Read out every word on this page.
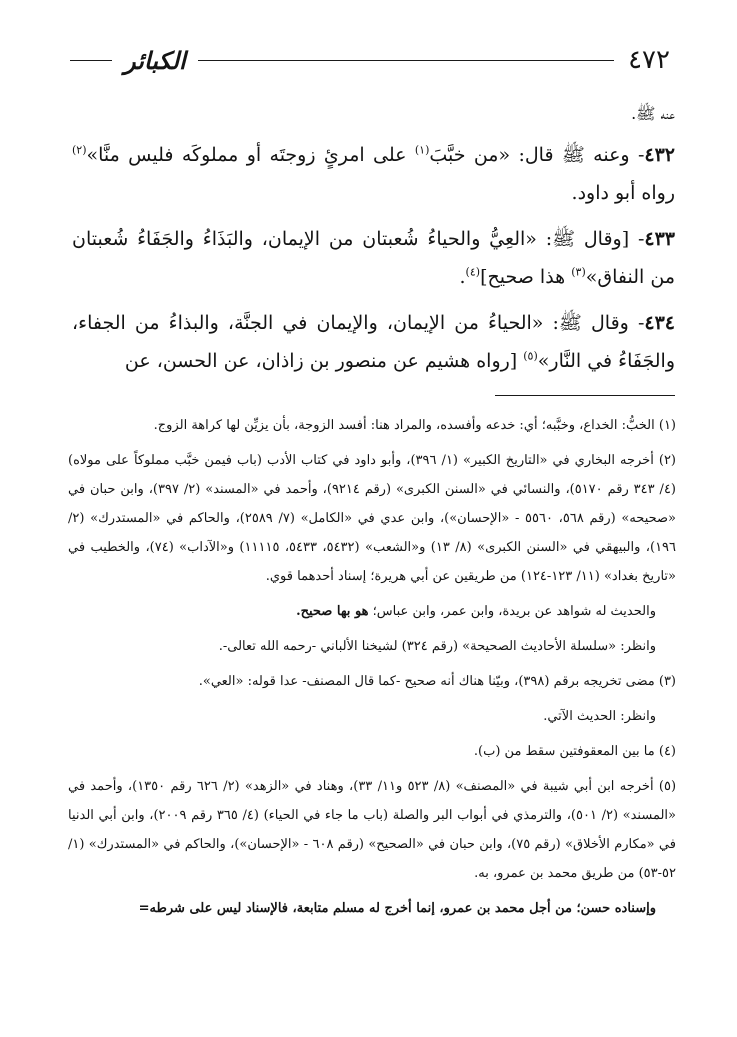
٤٧٢
الكبائر

عنه ﷺ.

٤٣٢- وعنه ﷺ قال: «من خبَّبَ$^{(١)}$ على امرئٍ زوجتَه أو مملوكَه فليس منَّا»$^{(٢)}$ رواه أبو داود.

٤٣٣- [وقال ﷺ: «العِيُّ والحياءُ شُعبتان من الإيمان، والبَذَاءُ والجَفَاءُ شُعبتان من النفاق»$^{(٣)}$ هذا صحيح]$^{(٤)}$.

٤٣٤- وقال ﷺ: «الحياءُ من الإيمان، والإيمان في الجنَّة، والبذاءُ من الجفاء، والجَفَاءُ في النَّار»$^{(٥)}$ [رواه هشيم عن منصور بن زاذان، عن الحسن، عن

(١) الخبُّ: الخداع، وخبَّبه؛ أي: خدعه وأفسده، والمراد هنا: أفسد الزوجة، بأن يزيِّن لها كراهة الزوج.

(٢) أخرجه البخاري في «التاريخ الكبير» (١/ ٣٩٦)، وأبو داود في كتاب الأدب (باب فيمن خبَّب مملوكاً على مولاه) (٤/ ٣٤٣ رقم ٥١٧٠)، والنسائي في «السنن الكبرى» (رقم ٩٢١٤)، وأحمد في «المسند» (٢/ ٣٩٧)، وابن حبان في «صحيحه» (رقم ٥٦٨، ٥٥٦٠ - «الإحسان»)، وابن عدي في «الكامل» (٧/ ٢٥٨٩)، والحاكم في «المستدرك» (٢/ ١٩٦)، والبيهقي في «السنن الكبرى» (٨/ ١٣) و«الشعب» (٥٤٣٢، ٥٤٣٣، ١١١١٥) و«الآداب» (٧٤)، والخطيب في «تاريخ بغداد» (١١/ ١٢٣-١٢٤) من طريقين عن أبي هريرة؛ إسناد أحدهما قوي.

والحديث له شواهد عن بريدة، وابن عمر، وابن عباس؛ هو بها صحيح.

وانظر: «سلسلة الأحاديث الصحيحة» (رقم ٣٢٤) لشيخنا الألباني -رحمه الله تعالى-.

(٣) مضى تخريجه برقم (٣٩٨)، وبيّنا هناك أنه صحيح -كما قال المصنف- عدا قوله: «العي».

وانظر: الحديث الآتي.

(٤) ما بين المعقوفتين سقط من (ب).

(٥) أخرجه ابن أبي شيبة في «المصنف» (٨/ ٥٢٣ و١١/ ٣٣)، وهناد في «الزهد» (٢/ ٦٢٦ رقم ١٣٥٠)، وأحمد في «المسند» (٢/ ٥٠١)، والترمذي في أبواب البر والصلة (باب ما جاء في الحياء) (٤/ ٣٦٥ رقم ٢٠٠٩)، وابن أبي الدنيا في «مكارم الأخلاق» (رقم ٧٥)، وابن حبان في «الصحيح» (رقم ٦٠٨ - «الإحسان»)، والحاكم في «المستدرك» (١/ ٥٢-٥٣) من طريق محمد بن عمرو، به.

وإسناده حسن؛ من أجل محمد بن عمرو، إنما أخرج له مسلم متابعة، فالإسناد ليس على شرطه=
